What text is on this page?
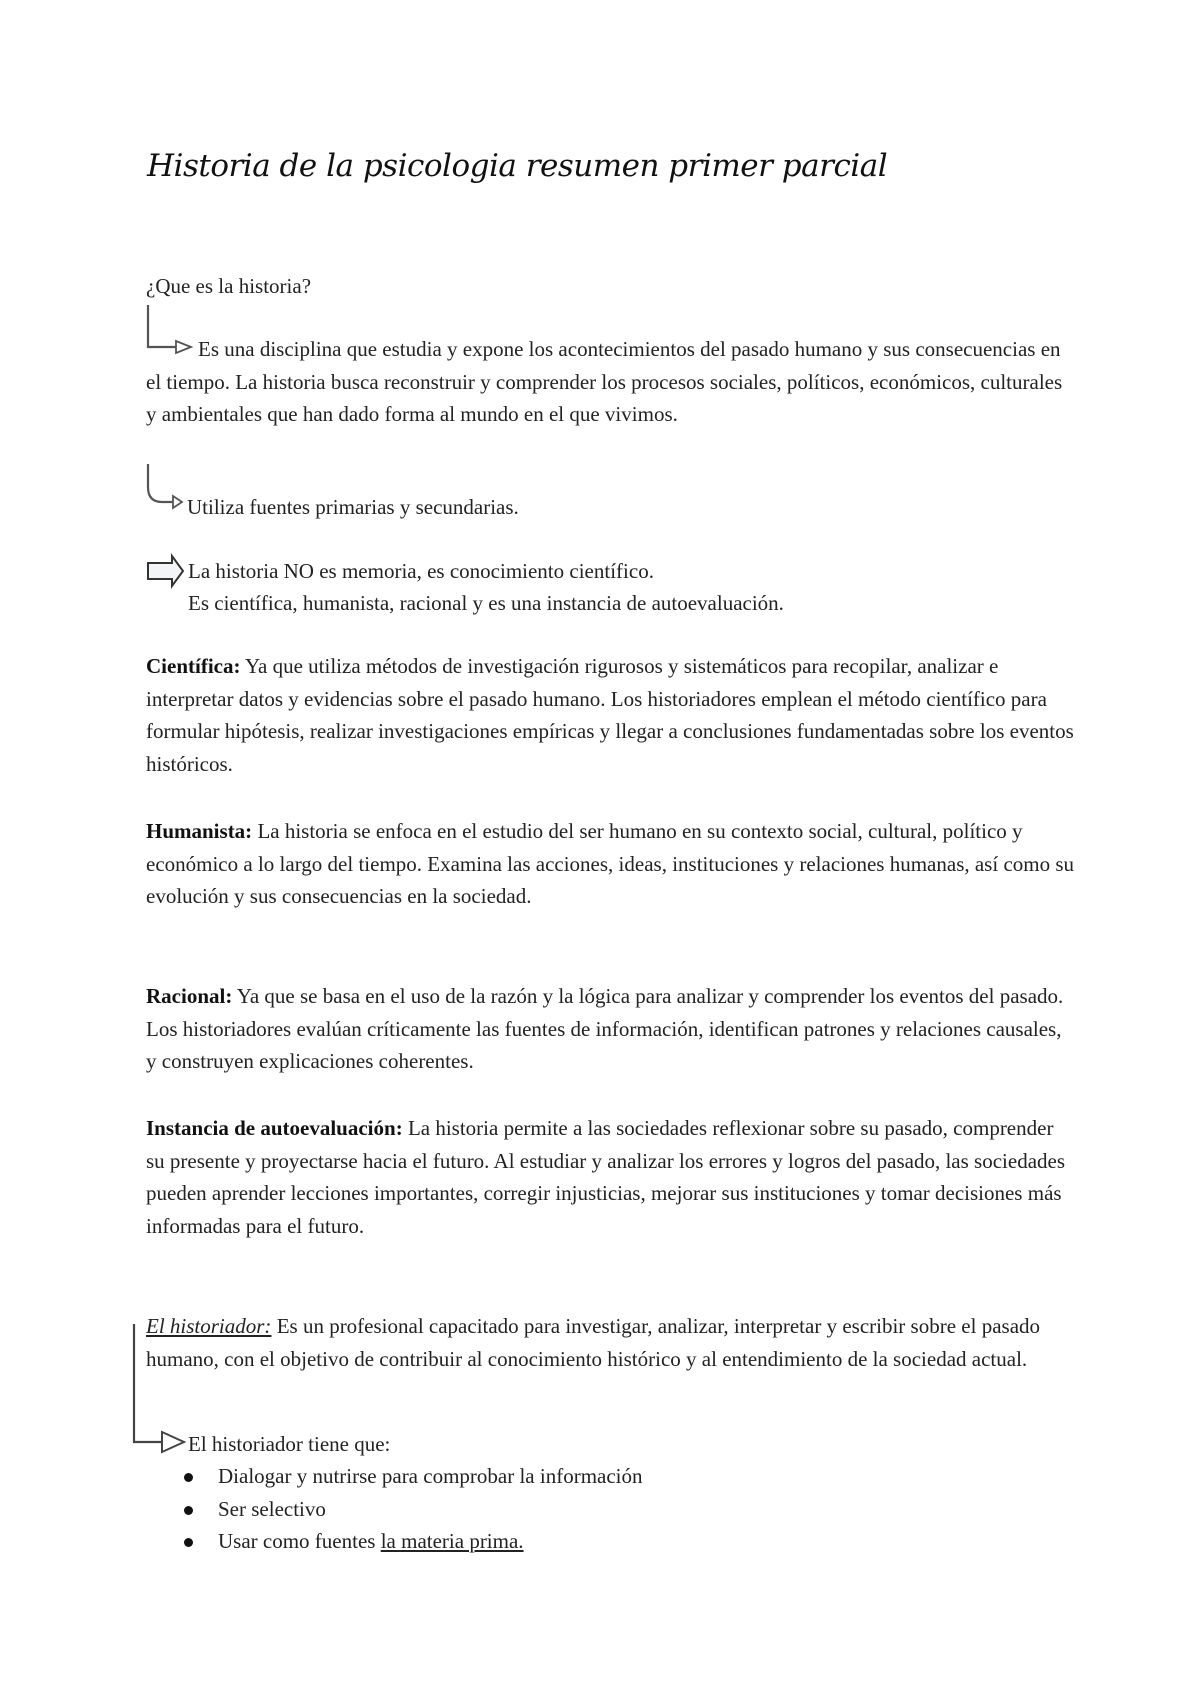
Historia de la psicologia resumen primer parcial

¿Que es la historia?

Es una disciplina que estudia y expone los acontecimientos del pasado humano y sus consecuencias en el tiempo. La historia busca reconstruir y comprender los procesos sociales, políticos, económicos, culturales y ambientales que han dado forma al mundo en el que vivimos.

Utiliza fuentes primarias y secundarias.

La historia NO es memoria, es conocimiento científico.

Es científica, humanista, racional y es una instancia de autoevaluación.

Científica: Ya que utiliza métodos de investigación rigurosos y sistemáticos para recopilar, analizar e interpretar datos y evidencias sobre el pasado humano. Los historiadores emplean el método científico para formular hipótesis, realizar investigaciones empíricas y llegar a conclusiones fundamentadas sobre los eventos históricos.

Humanista: La historia se enfoca en el estudio del ser humano en su contexto social, cultural, político y económico a lo largo del tiempo. Examina las acciones, ideas, instituciones y relaciones humanas, así como su evolución y sus consecuencias en la sociedad.

Racional: Ya que se basa en el uso de la razón y la lógica para analizar y comprender los eventos del pasado. Los historiadores evalúan críticamente las fuentes de información, identifican patrones y relaciones causales, y construyen explicaciones coherentes.

Instancia de autoevaluación: La historia permite a las sociedades reflexionar sobre su pasado, comprender su presente y proyectarse hacia el futuro. Al estudiar y analizar los errores y logros del pasado, las sociedades pueden aprender lecciones importantes, corregir injusticias, mejorar sus instituciones y tomar decisiones más informadas para el futuro.

El historiador: Es un profesional capacitado para investigar, analizar, interpretar y escribir sobre el pasado humano, con el objetivo de contribuir al conocimiento histórico y al entendimiento de la sociedad actual.

El historiador tiene que:

Dialogar y nutrirse para comprobar la información
Ser selectivo
Usar como fuentes la materia prima.
